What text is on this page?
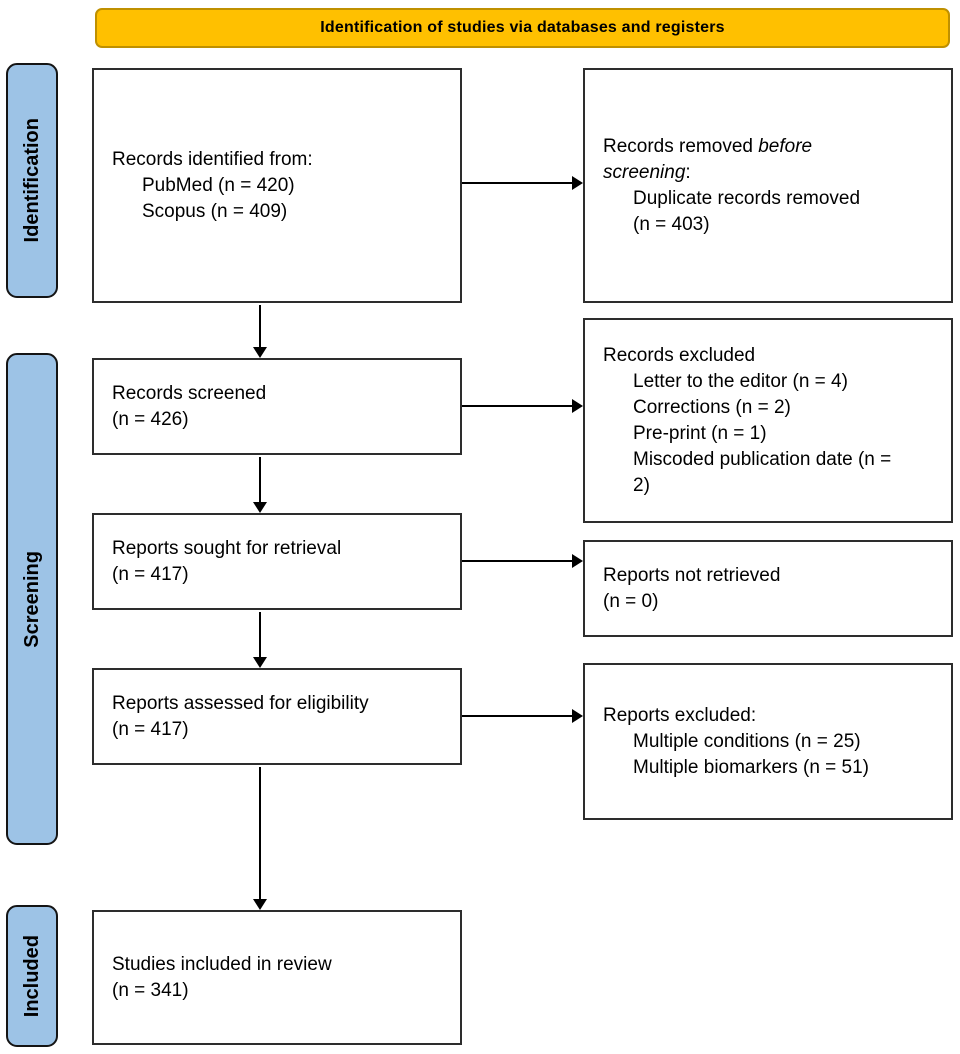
Identification of studies via databases and registers
Identification
Screening
Included
Records identified from:
PubMed (n = 420)
Scopus (n = 409)
Records removed before
screening:
Duplicate records removed
(n = 403)
Records screened
(n = 426)
Records excluded
Letter to the editor (n = 4)
Corrections (n = 2)
Pre-print (n = 1)
Miscoded publication date (n =
2)
Reports sought for retrieval
(n = 417)	Reports not retrieved
(n = 0)
Reports assessed for eligibility
(n = 417)
Reports excluded:
Multiple conditions (n = 25)
Multiple biomarkers (n = 51)
Studies included in review
(n = 341)
